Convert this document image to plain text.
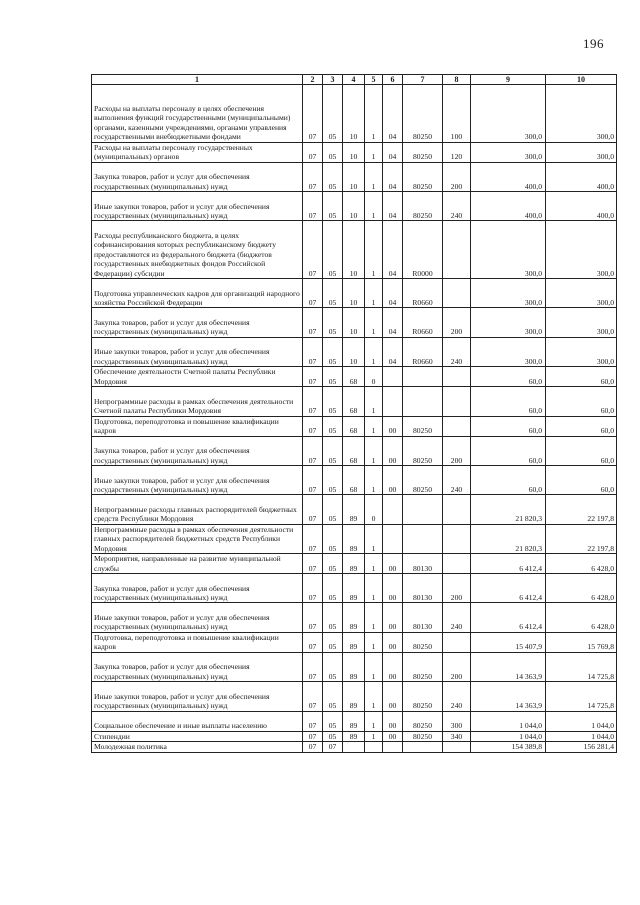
196
1	2	3	4	5	6	7	8	9	10
Расходы на выплаты персоналу в целях обеспечения выполнения функций государственными (муниципальными) органами, казенными учреждениями, органами управления государственными внебюджетными фондами	07	05	10	1	04	80250	100	300,0	300,0
Расходы на выплаты персоналу государственных (муниципальных) органов	07	05	10	1	04	80250	120	300,0	300,0
Закупка товаров, работ и услуг для обеспечения государственных (муниципальных) нужд	07	05	10	1	04	80250	200	400,0	400,0
Иные закупки товаров, работ и услуг для обеспечения государственных (муниципальных) нужд	07	05	10	1	04	80250	240	400,0	400,0
Расходы республиканского бюджета, в целях софинансирования которых республиканскому бюджету предоставляются из федерального бюджета (бюджетов государственных внебюджетных фондов Российской Федерации) субсидии	07	05	10	1	04	R0000		300,0	300,0
Подготовка управленческих кадров для организаций народного хозяйства Российской Федерации	07	05	10	1	04	R0660		300,0	300,0
Закупка товаров, работ и услуг для обеспечения государственных (муниципальных) нужд	07	05	10	1	04	R0660	200	300,0	300,0
Иные закупки товаров, работ и услуг для обеспечения государственных (муниципальных) нужд	07	05	10	1	04	R0660	240	300,0	300,0
Обеспечение деятельности Счетной палаты Республики Мордовия	07	05	68	0				60,0	60,0
Непрограммные расходы в рамках обеспечения деятельности Счетной палаты Республики Мордовия	07	05	68	1				60,0	60,0
Подготовка, переподготовка и повышение квалификации кадров	07	05	68	1	00	80250		60,0	60,0
Закупка товаров, работ и услуг для обеспечения государственных (муниципальных) нужд	07	05	68	1	00	80250	200	60,0	60,0
Иные закупки товаров, работ и услуг для обеспечения государственных (муниципальных) нужд	07	05	68	1	00	80250	240	60,0	60,0
Непрограммные расходы главных распорядителей бюджетных средств Республики Мордовия	07	05	89	0				21 820,3	22 197,8
Непрограммные расходы в рамках обеспечения деятельности главных распорядителей бюджетных средств Республики Мордовия	07	05	89	1				21 820,3	22 197,8
Мероприятия, направленные на развитие муниципальной службы	07	05	89	1	00	80130		6 412,4	6 428,0
Закупка товаров, работ и услуг для обеспечения государственных (муниципальных) нужд	07	05	89	1	00	80130	200	6 412,4	6 428,0
Иные закупки товаров, работ и услуг для обеспечения государственных (муниципальных) нужд	07	05	89	1	00	80130	240	6 412,4	6 428,0
Подготовка, переподготовка и повышение квалификации кадров	07	05	89	1	00	80250		15 407,9	15 769,8
Закупка товаров, работ и услуг для обеспечения государственных (муниципальных) нужд	07	05	89	1	00	80250	200	14 363,9	14 725,8
Иные закупки товаров, работ и услуг для обеспечения государственных (муниципальных) нужд	07	05	89	1	00	80250	240	14 363,9	14 725,8
Социальное обеспечение и иные выплаты населению	07	05	89	1	00	80250	300	1 044,0	1 044,0
Стипендии	07	05	89	1	00	80250	340	1 044,0	1 044,0
Молодежная политика	07	07						154 389,8	156 281,4
